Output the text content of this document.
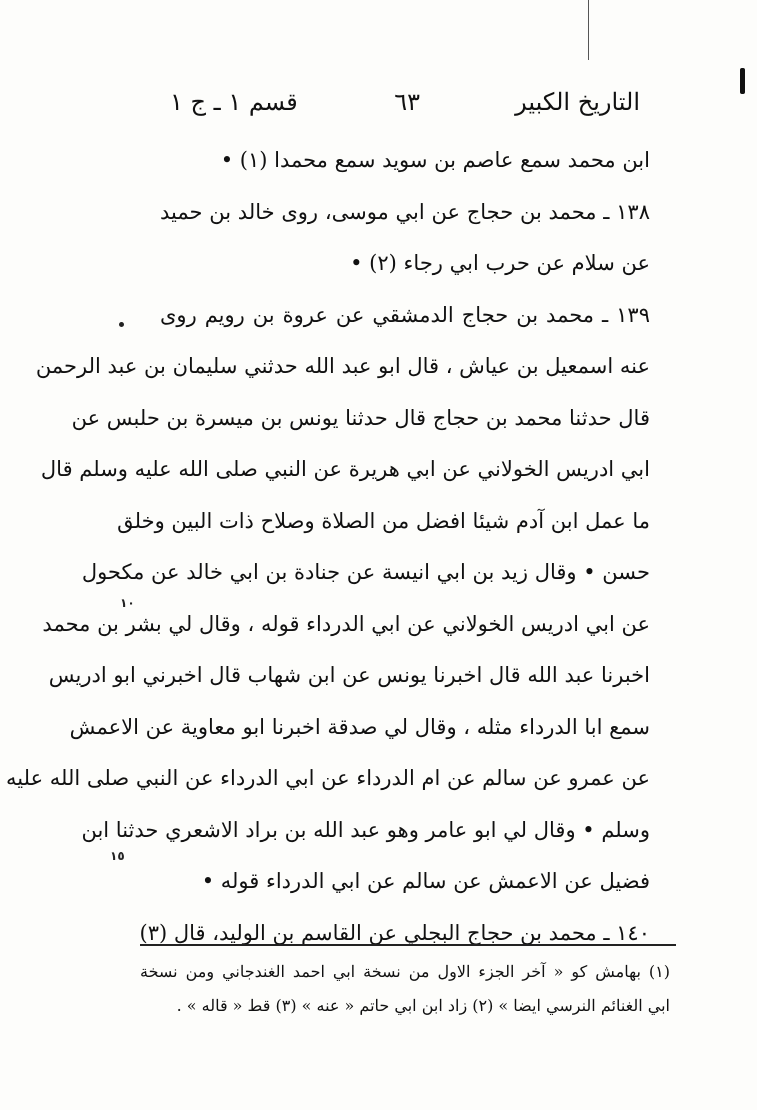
التاريخ الكبير
٦٣
قسم ١ ـ ج ١
ابن محمد سمع عاصم بن سويد سمع محمدا (١) •
١٣٨ ـ محمد بن حجاج عن ابي موسى، روى خالد بن حميد
عن سلام عن حرب ابي رجاء (٢) •
١٣٩ ـ محمد بن حجاج الدمشقي عن عروة بن رويم روى
عنه اسمعيل بن عياش ، قال ابو عبد الله حدثني سليمان بن عبد الرحمن
قال حدثنا محمد بن حجاج قال حدثنا يونس بن ميسرة بن حلبس عن
ابي ادريس الخولاني عن ابي هريرة عن النبي صلى الله عليه وسلم قال
ما عمل ابن آدم شيئا افضل من الصلاة وصلاح ذات البين وخلق
حسن • وقال زيد بن ابي انيسة عن جنادة بن ابي خالد عن مكحول
عن ابي ادريس الخولاني عن ابي الدرداء قوله ، وقال لي بشر بن محمد
اخبرنا عبد الله قال اخبرنا يونس عن ابن شهاب قال اخبرني ابو ادريس
سمع ابا الدرداء مثله ، وقال لي صدقة اخبرنا ابو معاوية عن الاعمش
عن عمرو عن سالم عن ام الدرداء عن ابي الدرداء عن النبي صلى الله عليه
وسلم • وقال لي ابو عامر وهو عبد الله بن براد الاشعري حدثنا ابن
فضيل عن الاعمش عن سالم عن ابي الدرداء قوله •
١٤٠ ـ محمد بن حجاج البجلي عن القاسم بن الوليد، قال (٣)
١٠
١٥
(١) بهامش كو « آخر الجزء الاول من نسخة ابي احمد الغندجاني ومن نسخة
ابي الغنائم النرسي ايضا » (٢) زاد ابن ابي حاتم « عنه » (٣) قط « قاله » .
